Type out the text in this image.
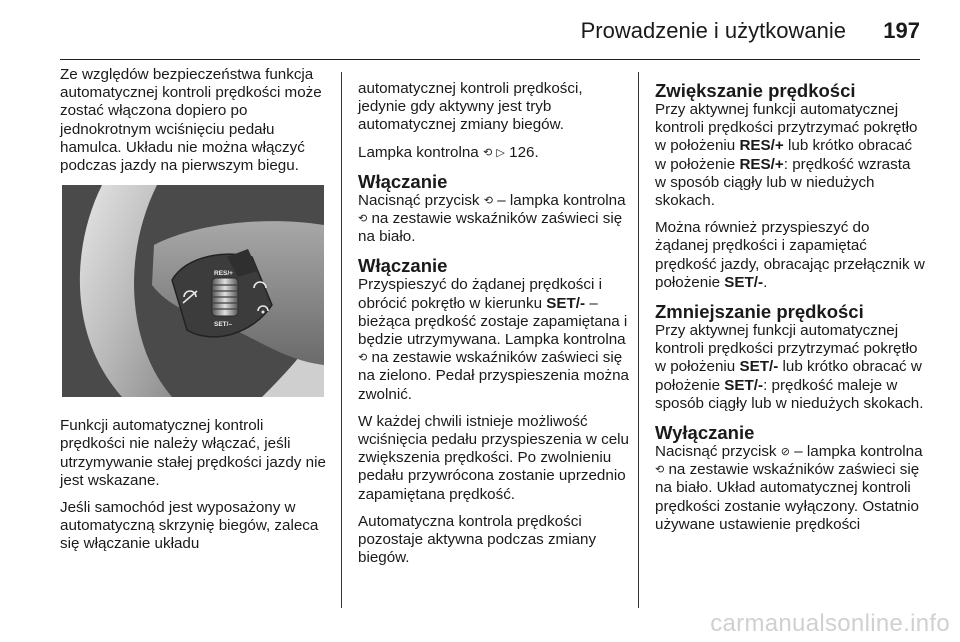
Prowadzenie i użytkowanie 197

Ze względów bezpieczeństwa funkcja automatycznej kontroli prędkości może zostać włączona dopiero po jednokrotnym wciśnięciu pedału hamulca. Układu nie można włączyć podczas jazdy na pierwszym biegu.

RES/+
SET/–

Funkcji automatycznej kontroli prędkości nie należy włączać, jeśli utrzymywanie stałej prędkości jazdy nie jest wskazane.

Jeśli samochód jest wyposażony w automatyczną skrzynię biegów, zaleca się włączanie układu

automatycznej kontroli prędkości, jedynie gdy aktywny jest tryb automatycznej zmiany biegów.

Lampka kontrolna ⟲ ▷ 126.

Włączanie

Nacisnąć przycisk ⟲ – lampka kontrolna ⟲ na zestawie wskaźników zaświeci się na biało.

Włączanie

Przyspieszyć do żądanej prędkości i obrócić pokrętło w kierunku SET/- – bieżąca prędkość zostaje zapamiętana i będzie utrzymywana. Lampka kontrolna ⟲ na zestawie wskaźników zaświeci się na zielono. Pedał przyspieszenia można zwolnić.

W każdej chwili istnieje możliwość wciśnięcia pedału przyspieszenia w celu zwiększenia prędkości. Po zwolnieniu pedału przywrócona zostanie uprzednio zapamiętana prędkość.

Automatyczna kontrola prędkości pozostaje aktywna podczas zmiany biegów.

Zwiększanie prędkości

Przy aktywnej funkcji automatycznej kontroli prędkości przytrzymać pokrętło w położeniu RES/+ lub krótko obracać w położenie RES/+: prędkość wzrasta w sposób ciągły lub w niedużych skokach.

Można również przyspieszyć do żądanej prędkości i zapamiętać prędkość jazdy, obracając przełącznik w położenie SET/-.

Zmniejszanie prędkości

Przy aktywnej funkcji automatycznej kontroli prędkości przytrzymać pokrętło w położeniu SET/- lub krótko obracać w położenie SET/-: prędkość maleje w sposób ciągły lub w niedużych skokach.

Wyłączanie

Nacisnąć przycisk ⊘ – lampka kontrolna ⟲ na zestawie wskaźników zaświeci się na biało. Układ automatycznej kontroli prędkości zostanie wyłączony. Ostatnio używane ustawienie prędkości

carmanualsonline.info
